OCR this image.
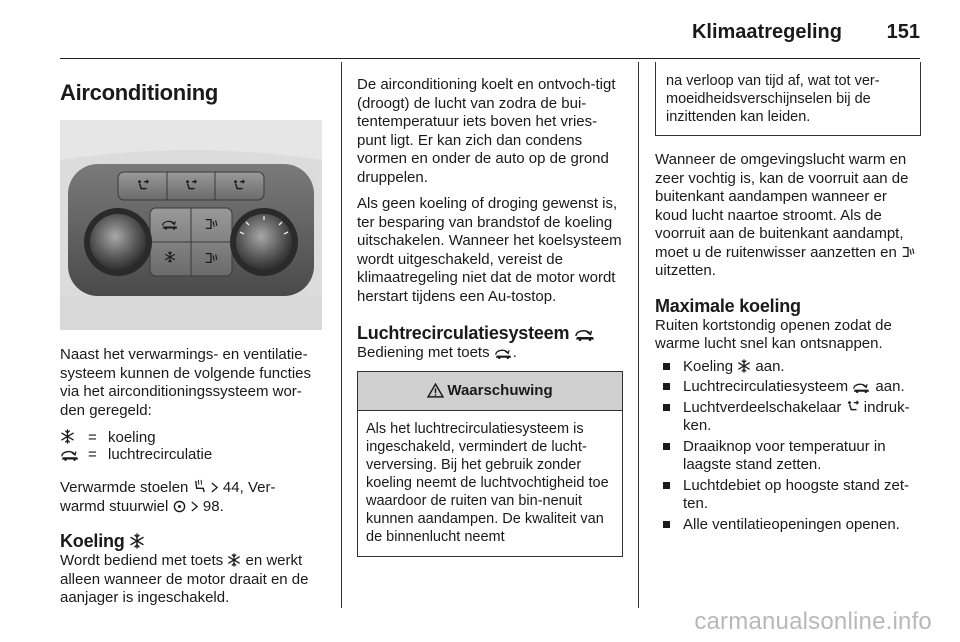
Klimaatregeling 151
Airconditioning

Naast het verwarmings- en ventilatie-systeem kunnen de volgende functies via het airconditioningssysteem wor-den geregeld:

= koeling
= luchtrecirculatie

Verwarmde stoelen 44, Ver-
warmd stuurwiel 98.

Koeling

Wordt bediend met toets en werkt alleen wanneer de motor draait en de aanjager is ingeschakeld.

De airconditioning koelt en ontvoch-tigt (droogt) de lucht van zodra de bui-tentemperatuur iets boven het vries-punt ligt. Er kan zich dan condens vormen en onder de auto op de grond druppelen.

Als geen koeling of droging gewenst is, ter besparing van brandstof de koeling uitschakelen. Wanneer het koelsysteem wordt uitgeschakeld, vereist de klimaatregeling niet dat de motor wordt herstart tijdens een Au-tostop.

Luchtrecirculatiesysteem

Bediening met toets .

Waarschuwing

Als het luchtrecirculatiesysteem is ingeschakeld, vermindert de lucht-verversing. Bij het gebruik zonder koeling neemt de luchtvochtigheid toe waardoor de ruiten van bin-nenuit kunnen aandampen. De kwaliteit van de binnenlucht neemt

na verloop van tijd af, wat tot ver-moeidheidsverschijnselen bij de inzittenden kan leiden.

Wanneer de omgevingslucht warm en zeer vochtig is, kan de voorruit aan de buitenkant aandampen wanneer er koud lucht naartoe stroomt. Als de voorruit aan de buitenkant aandampt, moet u de ruitenwisser aanzetten en  uitzetten.

Maximale koeling

Ruiten kortstondig openen zodat de warme lucht snel kan ontsnappen.

Koeling aan.
Luchtrecirculatiesysteem aan.
Luchtverdeelschakelaar indruk-ken.
Draaiknop voor temperatuur in laagste stand zetten.
Luchtdebiet op hoogste stand zet-ten.
Alle ventilatieopeningen openen.
carmanualsonline.info
